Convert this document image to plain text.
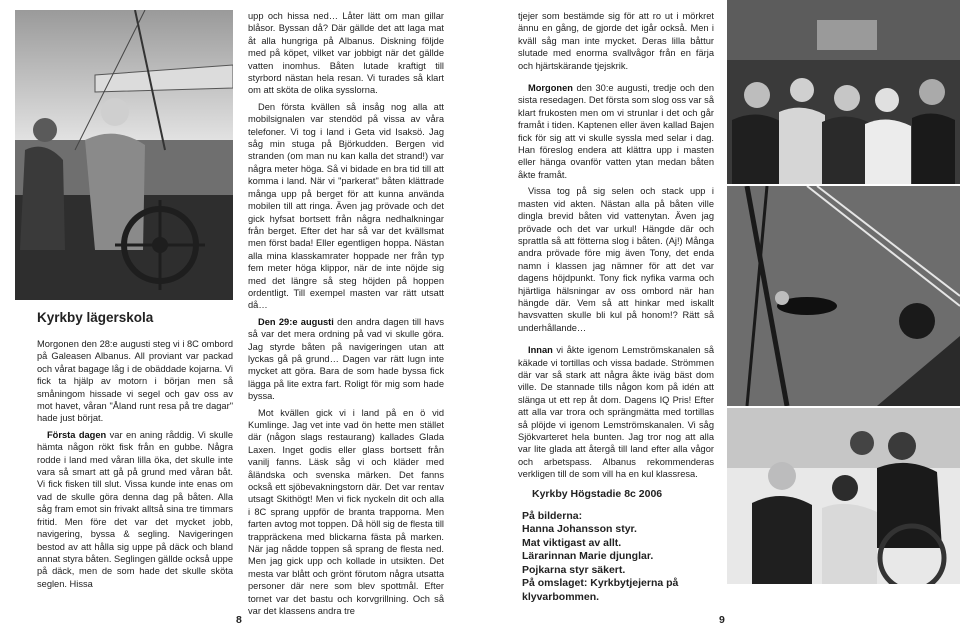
Kyrkby lägerskola

Morgonen den 28:e augusti steg vi i 8C ombord på Galeasen Albanus. All proviant var packad och vårat bagage låg i de obäddade kojarna. Vi fick ta hjälp av motorn i början men så småningom hissade vi segel och gav oss av mot havet, våran "Åland runt resa på tre dagar" hade just börjat.

Första dagen var en aning råddig. Vi skulle hämta någon rökt fisk från en gubbe. Några rodde i land med våran lilla öka, det skulle inte vara så smart att gå på grund med våran båt. Vi fick fisken till slut. Vissa kunde inte enas om vad de skulle göra denna dag på båten. Alla såg fram emot sin frivakt alltså sina tre timmars fritid. Men före det var det mycket jobb, navigering, byssa & segling. Navigeringen bestod av att hålla sig uppe på däck och bland annat styra båten. Seglingen gällde också uppe på däck, men de som hade det skulle sköta seglen. Hissa

upp och hissa ned… Låter lätt om man gillar blåsor. Byssan då? Där gällde det att laga mat åt alla hungriga på Albanus. Diskning följde med på köpet, vilket var jobbigt när det gällde vatten inomhus. Båten lutade kraftigt till styrbord nästan hela resan. Vi turades så klart om att sköta de olika sysslorna.

Den första kvällen så insåg nog alla att mobilsignalen var stendöd på vissa av våra telefoner. Vi tog i land i Geta vid Isaksö. Jag såg min stuga på Björkudden. Bergen vid stranden (om man nu kan kalla det strand!) var några meter höga. Så vi bidade en bra tid till att komma i land. När vi "parkerat" båten klättrade många upp på berget för att kunna använda mobilen till att ringa. Även jag prövade och det gick hyfsat bortsett från några nedhalkningar från berget. Efter det har så var det kvällsmat men först bada! Eller egentligen hoppa. Nästan alla mina klasskamrater hoppade ner från typ fem meter höga klippor, när de inte nöjde sig med det längre så steg höjden på hoppen ordentligt. Till exempel masten var rätt utsatt då…

Den 29:e augusti den andra dagen till havs så var det mera ordning på vad vi skulle göra. Jag styrde båten på navigeringen utan att lyckas gå på grund… Dagen var rätt lugn inte mycket att göra. Bara de som hade byssa fick lägga på lite extra fart. Roligt för mig som hade byssa.

Mot kvällen gick vi i land på en ö vid Kumlinge. Jag vet inte vad ön hette men stället där (någon slags restaurang) kallades Glada Laxen. Inget godis eller glass bortsett från vanilj fanns. Läsk såg vi och kläder med åländska och svenska märken. Det fanns också ett sjöbevakningstorn där. Det var rentav utsagt Skithögt! Men vi fick nyckeln dit och alla i 8C sprang uppför de branta trapporna. Men farten avtog mot toppen. Då höll sig de flesta till trappräckena med blickarna fästa på marken. När jag nådde toppen så sprang de flesta ned. Men jag gick upp och kollade in utsikten. Det mesta var blått och grönt förutom några utsatta personer där nere som blev spottmål. Efter tornet var det bastu och korvgrillning. Och så var det klassens andra tre

8

tjejer som bestämde sig för att ro ut i mörkret ännu en gång, de gjorde det igår också. Men i kväll såg man inte mycket. Deras lilla båttur slutade med enorma svallvågor från en färja och hjärtskärande tjejskrik.

Morgonen den 30:e augusti, tredje och den sista resedagen. Det första som slog oss var så klart frukosten men om vi strunlar i det och går framåt i tiden. Kaptenen eller även kallad Bajen fick för sig att vi skulle syssla med selar i dag. Han föreslog endera att klättra upp i masten eller hänga ovanför vatten ytan medan båten åkte framåt.

Vissa tog på sig selen och stack upp i masten vid akten. Nästan alla på båten ville dingla brevid båten vid vattenytan. Även jag prövade och det var urkul! Hängde där och sprattla så att fötterna slog i båten. (Aj!) Många andra prövade före mig även Tony, det enda namn i klassen jag nämner för att det var dagens höjdpunkt. Tony fick nyfika varma och hjärtliga hälsningar av oss ombord när han hängde där. Vem så att hinkar med iskallt havsvatten skulle bli kul på honom!? Rätt så underhållande…

Innan vi åkte igenom Lemströmskanalen så käkade vi tortillas och vissa badade. Strömmen där var så stark att några åkte iväg bäst dom ville. De stannade tills någon kom på idén att slänga ut ett rep åt dom. Dagens IQ Pris! Efter att alla var trora och sprängmätta med tortillas så plöjde vi igenom Lemströmskanalen. Vi såg Sjökvarteret hela bunten. Jag tror nog att alla var lite glada att återgå till land efter alla vågor och arbetspass. Albanus rekommenderas verkligen till de som vill ha en kul klassresa.

Kyrkby Högstadie 8c 2006
På bilderna:
Hanna Johansson styr.
Mat viktigast av allt.
Lärarinnan Marie djunglar.
Pojkarna styr säkert.
På omslaget: Kyrkbytjejerna på klyvarbommen.
9
